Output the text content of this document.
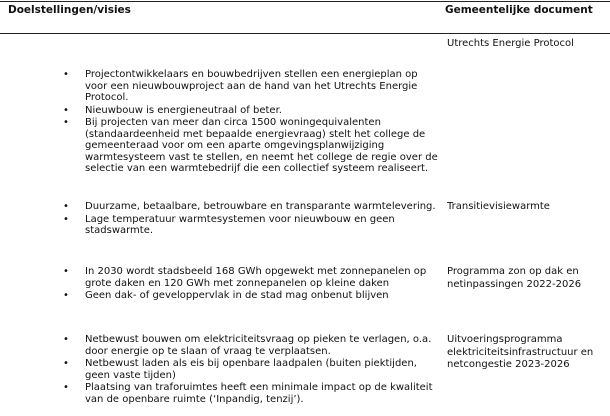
Doelstellingen/visies	Gemeentelijke document
Utrechts Energie Protocol
• Projectontwikkelaars en bouwbedrijven stellen een energieplan op voor een nieuwbouwproject aan de hand van het Utrechts Energie Protocol.
• Nieuwbouw is energieneutraal of beter.
• Bij projecten van meer dan circa 1500 woningequivalenten (standaardeenheid met bepaalde energievraag) stelt het college de gemeenteraad voor om een aparte omgevingsplanwijziging warmtesysteem vast te stellen, en neemt het college de regie over de selectie van een warmtebedrijf die een collectief systeem realiseert.
Transitievisiewarmte
• Duurzame, betaalbare, betrouwbare en transparante warmtelevering.
• Lage temperatuur warmtesystemen voor nieuwbouw en geen stadswarmte.
Programma zon op dak en netinpassingen 2022-2026
• In 2030 wordt stadsbeeld 168 GWh opgewekt met zonnepanelen op grote daken en 120 GWh met zonnepanelen op kleine daken
• Geen dak- of geveloppervlak in de stad mag onbenut blijven
Uitvoeringsprogramma elektriciteitsinfrastructuur en netcongestie 2023-2026
• Netbewust bouwen om elektriciteitsvraag op pieken te verlagen, o.a. door energie op te slaan of vraag te verplaatsen.
• Netbewust laden als eis bij openbare laadpalen (buiten piektijden, geen vaste tijden)
• Plaatsing van traforuimtes heeft een minimale impact op de kwaliteit van de openbare ruimte (‘Inpandig, tenzij’).
